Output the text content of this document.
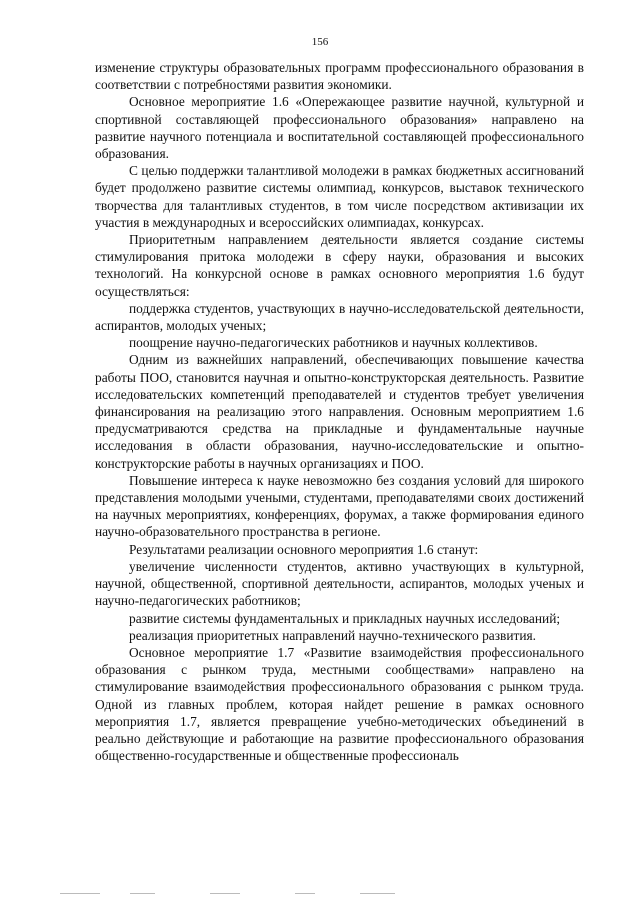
156

изменение структуры образовательных программ профессионального образования в соответствии с потребностями развития экономики.

Основное мероприятие 1.6 «Опережающее развитие научной, культурной и спортивной составляющей профессионального образования» направлено на развитие научного потенциала и воспитательной составляющей профессионального образования.

С целью поддержки талантливой молодежи в рамках бюджетных ассигнований будет продолжено развитие системы олимпиад, конкурсов, выставок технического творчества для талантливых студентов, в том числе посредством активизации их участия в международных и всероссийских олимпиадах, конкурсах.

Приоритетным направлением деятельности является создание системы стимулирования притока молодежи в сферу науки, образования и высоких технологий. На конкурсной основе в рамках основного мероприятия 1.6 будут осуществляться:

поддержка студентов, участвующих в научно-исследовательской деятельности, аспирантов, молодых ученых;

поощрение научно-педагогических работников и научных коллективов.

Одним из важнейших направлений, обеспечивающих повышение качества работы ПОО, становится научная и опытно-конструкторская деятельность. Развитие исследовательских компетенций преподавателей и студентов требует увеличения финансирования на реализацию этого направления. Основным мероприятием 1.6 предусматриваются средства на прикладные и фундаментальные научные исследования в области образования, научно-исследовательские и опытно-конструкторские работы в научных организациях и ПОО.

Повышение интереса к науке невозможно без создания условий для широкого представления молодыми учеными, студентами, преподавателями своих достижений на научных мероприятиях, конференциях, форумах, а также формирования единого научно-образовательного пространства в регионе.

Результатами реализации основного мероприятия 1.6 станут:

увеличение численности студентов, активно участвующих в культурной, научной, общественной, спортивной деятельности, аспирантов, молодых ученых и научно-педагогических работников;

развитие системы фундаментальных и прикладных научных исследований;

реализация приоритетных направлений научно-технического развития.

Основное мероприятие 1.7 «Развитие взаимодействия профессионального образования с рынком труда, местными сообществами» направлено на стимулирование взаимодействия профессионального образования с рынком труда. Одной из главных проблем, которая найдет решение в рамках основного мероприятия 1.7, является превращение учебно-методических объединений в реально действующие и работающие на развитие профессионального образования общественно-государственные и общественные профессиональ
